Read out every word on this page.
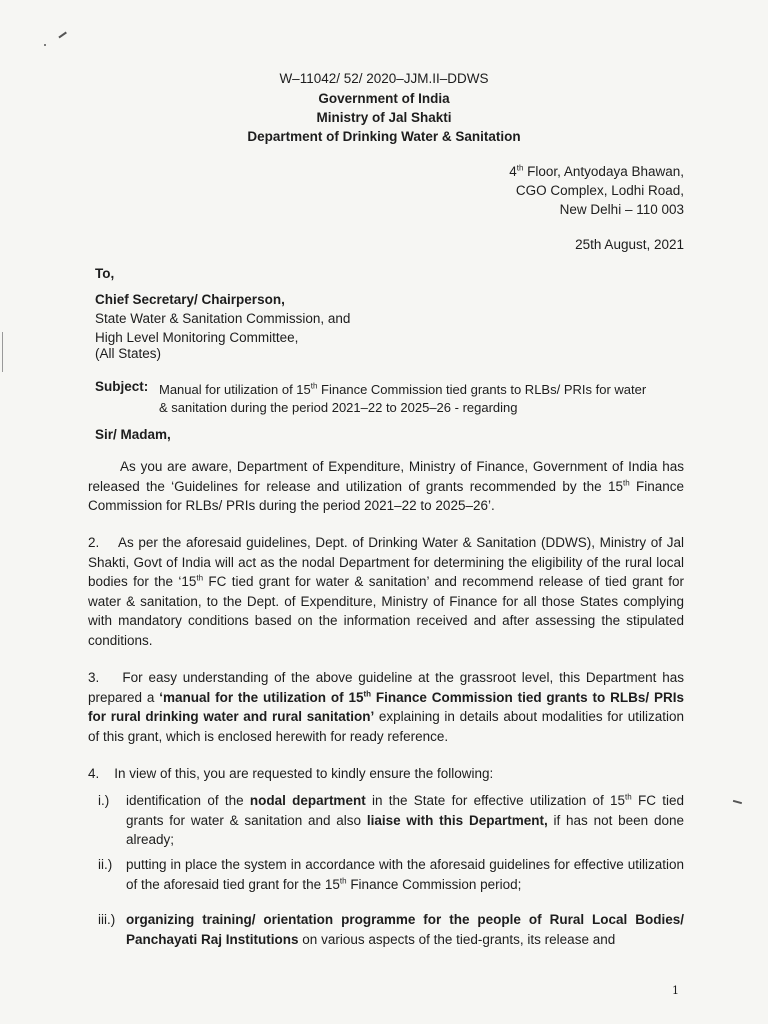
W–11042/ 52/ 2020–JJM.II–DDWS
Government of India
Ministry of Jal Shakti
Department of Drinking Water & Sanitation
4th Floor, Antyodaya Bhawan,
CGO Complex, Lodhi Road,
New Delhi – 110 003
25th August, 2021
To,
Chief Secretary/ Chairperson,
State Water & Sanitation Commission, and
High Level Monitoring Committee,
(All States)
Subject: Manual for utilization of 15th Finance Commission tied grants to RLBs/ PRIs for water
& sanitation during the period 2021–22 to 2025–26 - regarding
Sir/ Madam,
As you are aware, Department of Expenditure, Ministry of Finance, Government of India has released the ‘Guidelines for release and utilization of grants recommended by the 15th Finance Commission for RLBs/ PRIs during the period 2021–22 to 2025–26’.
2. As per the aforesaid guidelines, Dept. of Drinking Water & Sanitation (DDWS), Ministry of Jal Shakti, Govt of India will act as the nodal Department for determining the eligibility of the rural local bodies for the ‘15th FC tied grant for water & sanitation’ and recommend release of tied grant for water & sanitation, to the Dept. of Expenditure, Ministry of Finance for all those States complying with mandatory conditions based on the information received and after assessing the stipulated conditions.
3. For easy understanding of the above guideline at the grassroot level, this Department has prepared a ‘manual for the utilization of 15th Finance Commission tied grants to RLBs/ PRIs for rural drinking water and rural sanitation’ explaining in details about modalities for utilization of this grant, which is enclosed herewith for ready reference.
4. In view of this, you are requested to kindly ensure the following:
i.)	identification of the nodal department in the State for effective utilization of 15th FC tied grants for water & sanitation and also liaise with this Department, if has not been done already;
ii.)	putting in place the system in accordance with the aforesaid guidelines for effective utilization of the aforesaid tied grant for the 15th Finance Commission period;
iii.) organizing training/ orientation programme for the people of Rural Local Bodies/ Panchayati Raj Institutions on various aspects of the tied-grants, its release and
1
